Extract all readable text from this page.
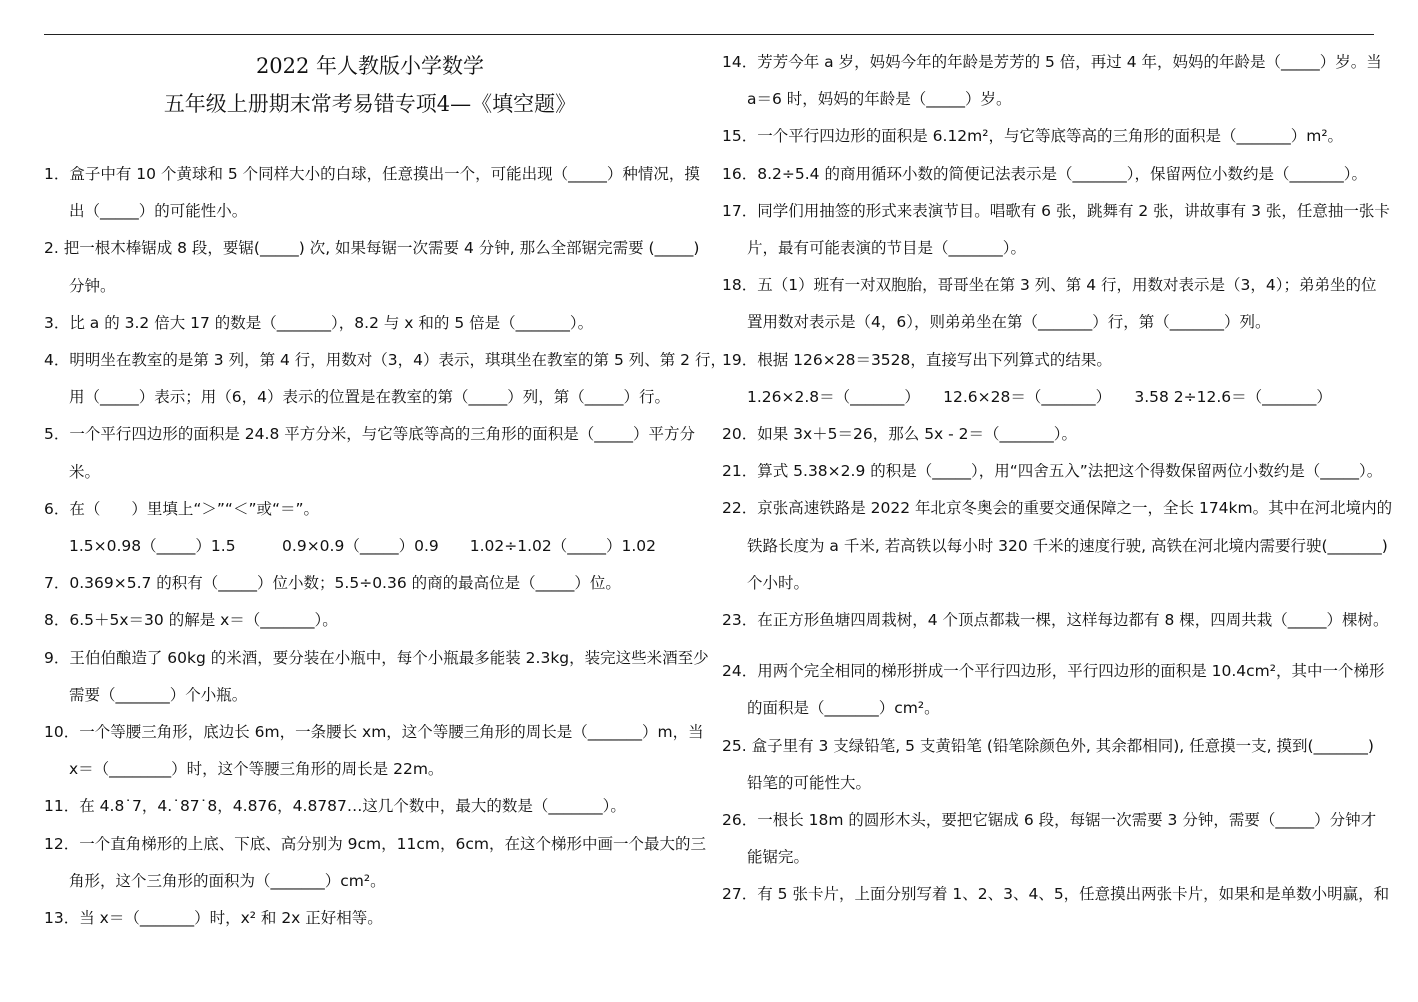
2022 年人教版小学数学
五年级上册期末常考易错专项4—《填空题》
1．盒子中有 10 个黄球和 5 个同样大小的白球，任意摸出一个，可能出现（_____）种情况，摸
出（_____）的可能性小。
2. 把一根木棒锯成 8 段，要锯(_____) 次, 如果每锯一次需要 4 分钟, 那么全部锯完需要 (_____)
分钟。
3．比 a 的 3.2 倍大 17 的数是（_______），8.2 与 x 和的 5 倍是（_______）。
4．明明坐在教室的是第 3 列，第 4 行，用数对（3，4）表示，琪琪坐在教室的第 5 列、第 2 行，
用（_____）表示；用（6，4）表示的位置是在教室的第（_____）列，第（_____）行。
5．一个平行四边形的面积是 24.8 平方分米，与它等底等高的三角形的面积是（_____）平方分
米。
6．在（　　）里填上“＞”“＜”或“＝”。
1.5×0.98（_____）1.5　　　0.9×0.9（_____）0.9　　1.02÷1.02（_____）1.02
7．0.369×5.7 的积有（_____）位小数；5.5÷0.36 的商的最高位是（_____）位。
8．6.5＋5x＝30 的解是 x＝（_______）。
9．王伯伯酿造了 60kg 的米酒，要分装在小瓶中，每个小瓶最多能装 2.3kg，装完这些米酒至少
需要（_______）个小瓶。
10．一个等腰三角形，底边长 6m，一条腰长 xm，这个等腰三角形的周长是（_______）m，当
x＝（________）时，这个等腰三角形的周长是 22m。
11．在 4.8˙7，4.˙87˙8，4.876，4.8787…这几个数中，最大的数是（_______）。
12．一个直角梯形的上底、下底、高分别为 9cm，11cm，6cm，在这个梯形中画一个最大的三
角形，这个三角形的面积为（_______）cm²。
13．当 x＝（_______）时，x² 和 2x 正好相等。
14．芳芳今年 a 岁，妈妈今年的年龄是芳芳的 5 倍，再过 4 年，妈妈的年龄是（_____）岁。当
a＝6 时，妈妈的年龄是（_____）岁。
15．一个平行四边形的面积是 6.12m²，与它等底等高的三角形的面积是（_______）m²。
16．8.2÷5.4 的商用循环小数的简便记法表示是（_______），保留两位小数约是（_______）。
17．同学们用抽签的形式来表演节目。唱歌有 6 张，跳舞有 2 张，讲故事有 3 张，任意抽一张卡
片，最有可能表演的节目是（_______）。
18．五（1）班有一对双胞胎，哥哥坐在第 3 列、第 4 行，用数对表示是（3，4）；弟弟坐的位
置用数对表示是（4，6），则弟弟坐在第（_______）行，第（_______）列。
19．根据 126×28＝3528，直接写出下列算式的结果。
1.26×2.8＝（_______）　　12.6×28＝（_______）　　3.58 2÷12.6＝（_______）
20．如果 3x＋5＝26，那么 5x - 2＝（_______）。
21．算式 5.38×2.9 的积是（_____），用“四舍五入”法把这个得数保留两位小数约是（_____）。
22．京张高速铁路是 2022 年北京冬奥会的重要交通保障之一，全长 174km。其中在河北境内的
铁路长度为 a 千米, 若高铁以每小时 320 千米的速度行驶, 高铁在河北境内需要行驶(_______)
个小时。
23．在正方形鱼塘四周栽树，4 个顶点都栽一棵，这样每边都有 8 棵，四周共栽（_____）棵树。
24．用两个完全相同的梯形拼成一个平行四边形，平行四边形的面积是 10.4cm²，其中一个梯形
的面积是（_______）cm²。
25. 盒子里有 3 支绿铅笔, 5 支黄铅笔 (铅笔除颜色外, 其余都相同), 任意摸一支, 摸到(_______)
铅笔的可能性大。
26．一根长 18m 的圆形木头，要把它锯成 6 段，每锯一次需要 3 分钟，需要（_____）分钟才
能锯完。
27．有 5 张卡片，上面分别写着 1、2、3、4、5，任意摸出两张卡片，如果和是单数小明赢，和
